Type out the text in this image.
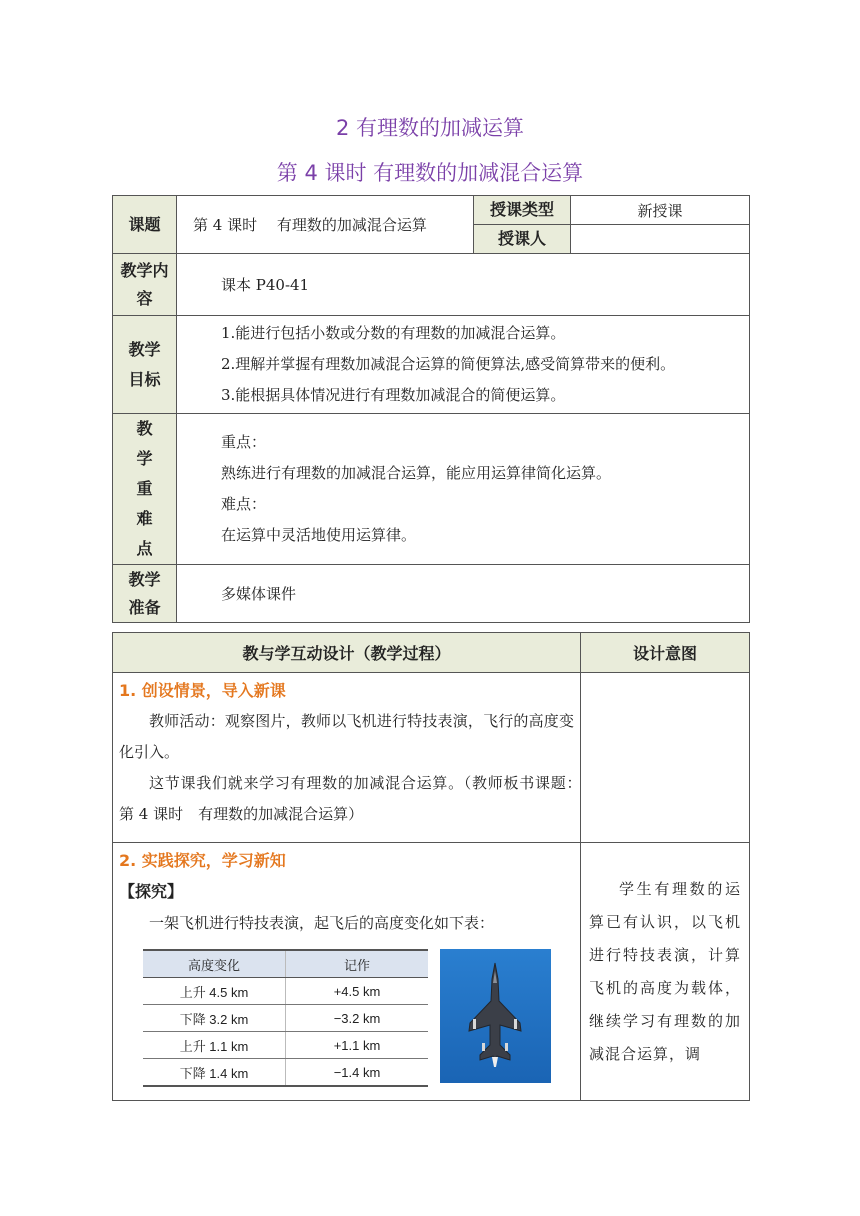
2 有理数的加减运算
第 4 课时 有理数的加减混合运算
课题	第 4 课时　 有理数的加减混合运算	授课类型	新授课
		授课人	

教学内容	课本 P40-41		

教学目标	1.能进行包括小数或分数的有理数的加减混合运算。
2.理解并掌握有理数加减混合运算的简便算法,感受简算带来的便利。
3.能根据具体情况进行有理数加减混合的简便运算。		

教学重难点	重点：
熟练进行有理数的加减混合运算，能应用运算律简化运算。
难点：
在运算中灵活地使用运算律。		

教学准备	多媒体课件		
教与学互动设计（教学过程）	设计意图

1. 创设情景，导入新课
教师活动：观察图片，教师以飞机进行特技表演，飞行的高度变化引入。
这节课我们就来学习有理数的加减混合运算。（教师板书课题：　第 4 课时　有理数的加减混合运算）

2. 实践探究，学习新知
【探究】
一架飞机进行特技表演，起飞后的高度变化如下表：
高度变化	记作
上升 4.5 km	+4.5 km
下降 3.2 km	−3.2 km
上升 1.1 km	+1.1 km
下降 1.4 km	−1.4 km

学生有理数的运算已有认识，以飞机进行特技表演，计算飞机的高度为载体，继续学习有理数的加减混合运算，调
